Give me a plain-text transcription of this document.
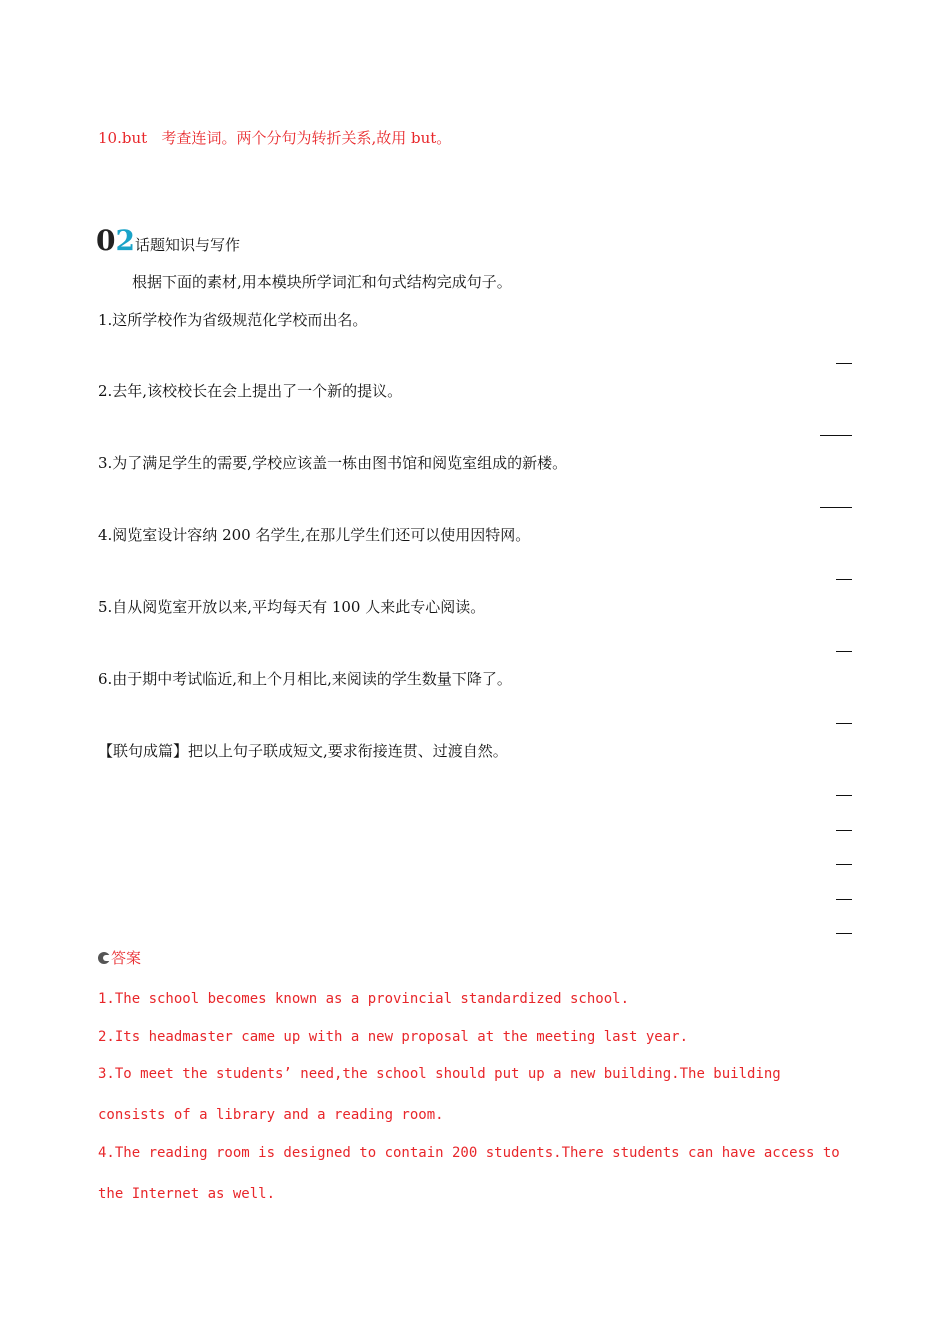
10.but 考查连词。两个分句为转折关系,故用 but。
02话题知识与写作
根据下面的素材,用本模块所学词汇和句式结构完成句子。
1.这所学校作为省级规范化学校而出名。
2.去年,该校校长在会上提出了一个新的提议。
3.为了满足学生的需要,学校应该盖一栋由图书馆和阅览室组成的新楼。
4.阅览室设计容纳 200 名学生,在那儿学生们还可以使用因特网。
5.自从阅览室开放以来,平均每天有 100 人来此专心阅读。
6.由于期中考试临近,和上个月相比,来阅读的学生数量下降了。
【联句成篇】把以上句子联成短文,要求衔接连贯、过渡自然。
答案
1.The school becomes known as a provincial standardized school.
2.Its headmaster came up with a new proposal at the meeting last year.
3.To meet the students’ need,the school should put up a new building.The building
consists of a library and a reading room.
4.The reading room is designed to contain 200 students.There students can have access to
the Internet as well.
